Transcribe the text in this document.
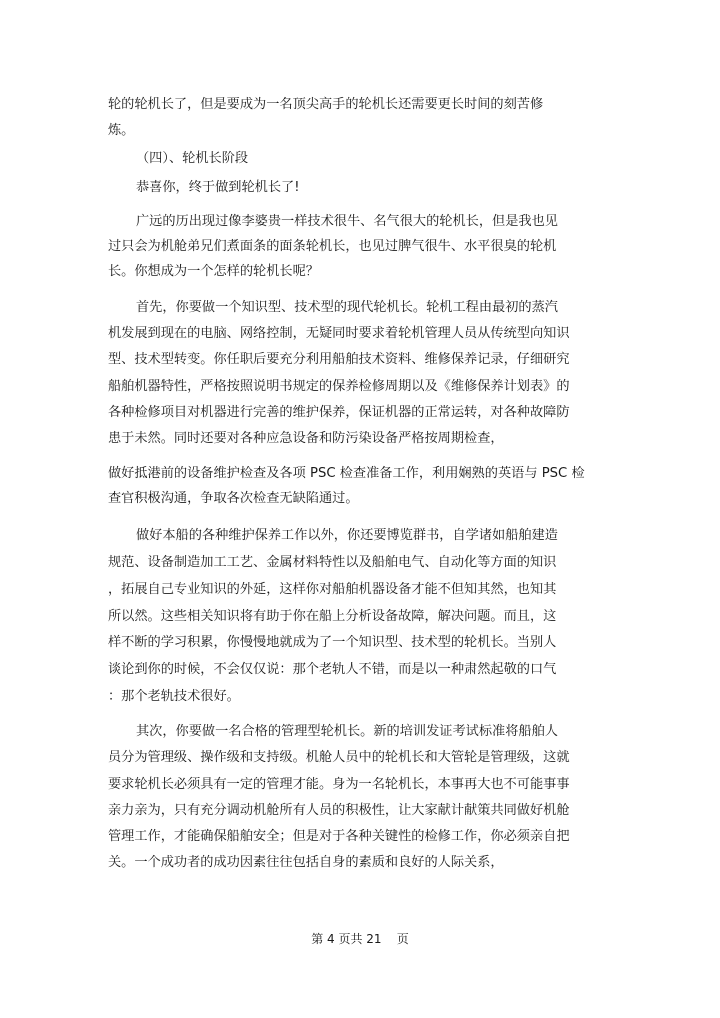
轮的轮机长了，但是要成为一名顶尖高手的轮机长还需要更长时间的刻苦修
炼。
（四）、轮机长阶段
恭喜你，终于做到轮机长了!
广远的历出现过像李婆贵一样技术很牛、名气很大的轮机长，但是我也见
过只会为机舱弟兄们煮面条的面条轮机长，也见过脾气很牛、水平很臭的轮机
长。你想成为一个怎样的轮机长呢？
首先，你要做一个知识型、技术型的现代轮机长。轮机工程由最初的蒸汽
机发展到现在的电脑、网络控制，无疑同时要求着轮机管理人员从传统型向知识
型、技术型转变。你任职后要充分利用船舶技术资料、维修保养记录，仔细研究
船舶机器特性，严格按照说明书规定的保养检修周期以及《维修保养计划表》的
各种检修项目对机器进行完善的维护保养，保证机器的正常运转，对各种故障防
患于未然。同时还要对各种应急设备和防污染设备严格按周期检查，
做好抵港前的设备维护检查及各项 PSC 检查准备工作，利用娴熟的英语与 PSC 检
查官积极沟通，争取各次检查无缺陷通过。
做好本船的各种维护保养工作以外，你还要博览群书，自学诸如船舶建造
规范、设备制造加工工艺、金属材料特性以及船舶电气、自动化等方面的知识
，拓展自己专业知识的外延，这样你对船舶机器设备才能不但知其然，也知其
所以然。这些相关知识将有助于你在船上分析设备故障，解决问题。而且，这
样不断的学习积累，你慢慢地就成为了一个知识型、技术型的轮机长。当别人
谈论到你的时候，不会仅仅说：那个老轨人不错，而是以一种肃然起敬的口气
：那个老轨技术很好。
其次，你要做一名合格的管理型轮机长。新的培训发证考试标准将船舶人
员分为管理级、操作级和支持级。机舱人员中的轮机长和大管轮是管理级，这就
要求轮机长必须具有一定的管理才能。身为一名轮机长，本事再大也不可能事事
亲力亲为，只有充分调动机舱所有人员的积极性，让大家献计献策共同做好机舱
管理工作，才能确保船舶安全；但是对于各种关键性的检修工作，你必须亲自把
关。一个成功者的成功因素往往包括自身的素质和良好的人际关系，
第 4 页共 21    页
